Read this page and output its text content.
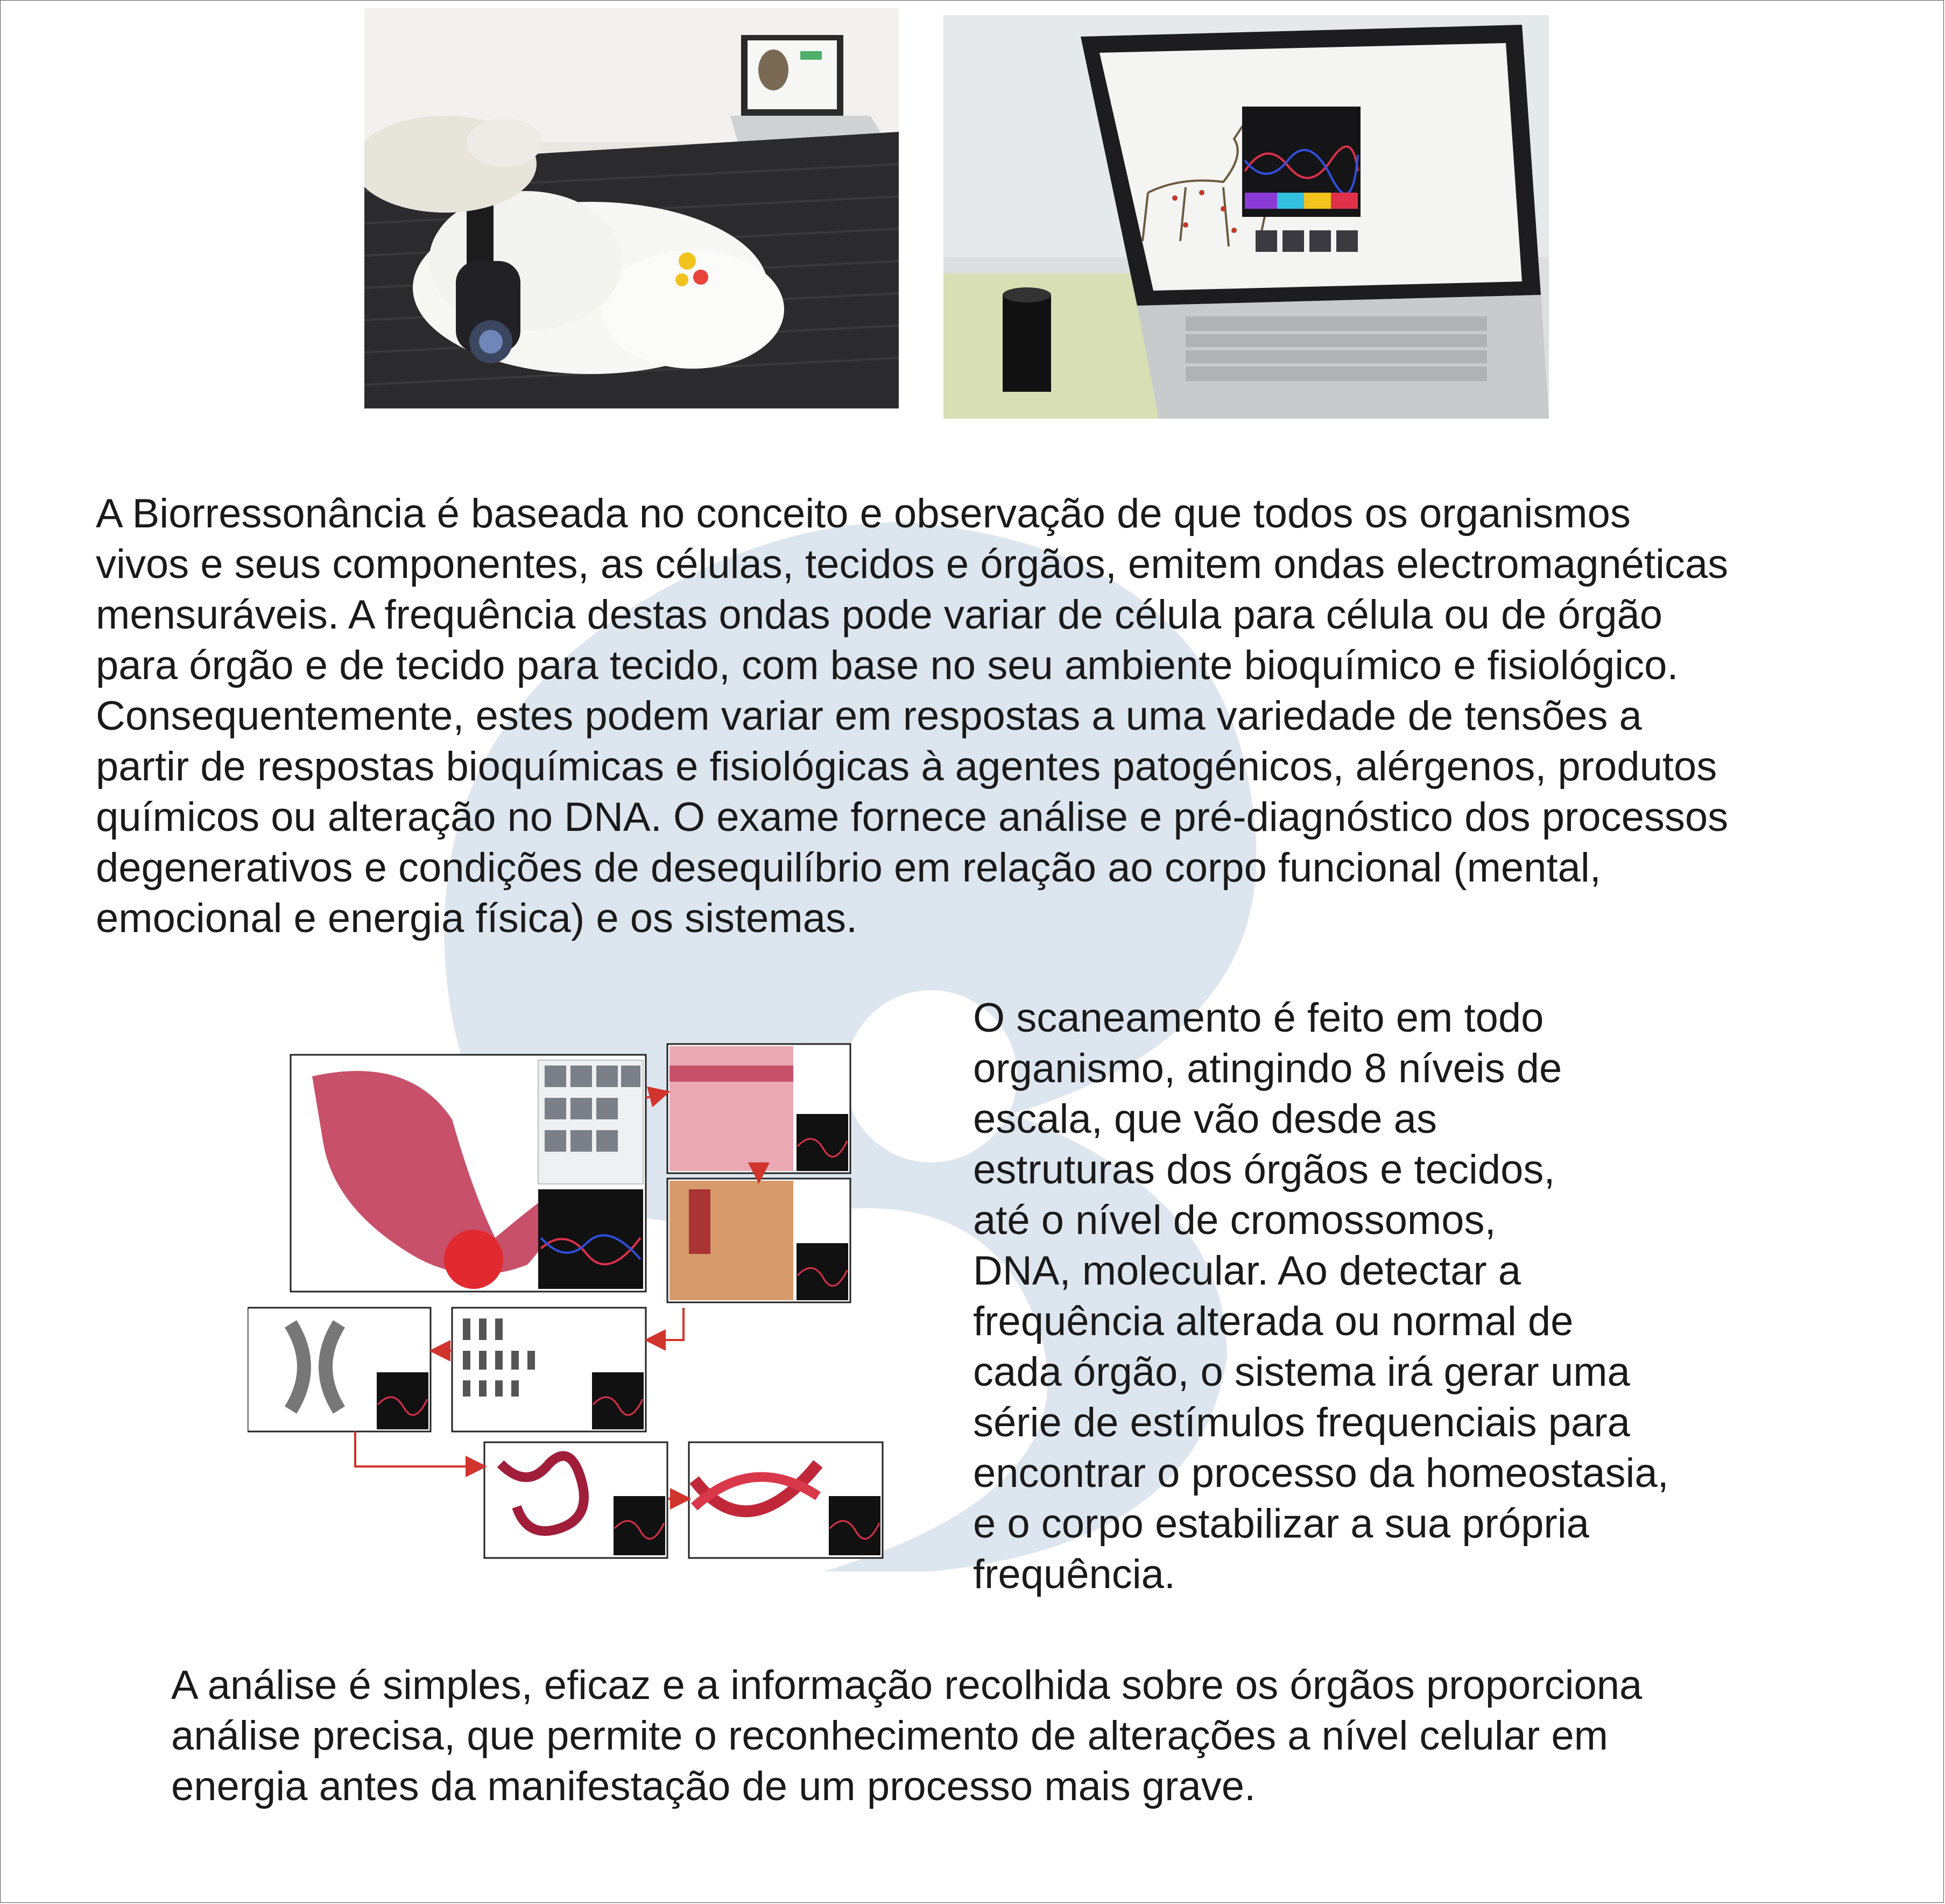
A Biorressonância é baseada no conceito e observação de que todos os organismos
vivos e seus componentes, as células, tecidos e órgãos, emitem ondas electromagnéticas
mensuráveis. A frequência destas ondas pode variar de célula para célula ou de órgão
para órgão e de tecido para tecido, com base no seu ambiente bioquímico e fisiológico.
Consequentemente, estes podem variar em respostas a uma variedade de tensões a
partir de respostas bioquímicas e fisiológicas à agentes patogénicos, alérgenos, produtos
químicos ou alteração no DNA. O exame fornece análise e pré-diagnóstico dos processos
degenerativos e condições de desequilíbrio em relação ao corpo funcional (mental,
emocional e energia física) e os sistemas.

O scaneamento é feito em todo
organismo, atingindo 8 níveis de
escala, que vão desde as
estruturas dos órgãos e tecidos,
até o nível de cromossomos,
DNA, molecular. Ao detectar a
frequência alterada ou normal de
cada órgão, o sistema irá gerar uma
série de estímulos frequenciais para
encontrar o processo da homeostasia,
e o corpo estabilizar a sua própria
frequência.

A análise é simples, eficaz e a informação recolhida sobre os órgãos proporciona
análise precisa, que permite o reconhecimento de alterações a nível celular em
energia antes da manifestação de um processo mais grave.
